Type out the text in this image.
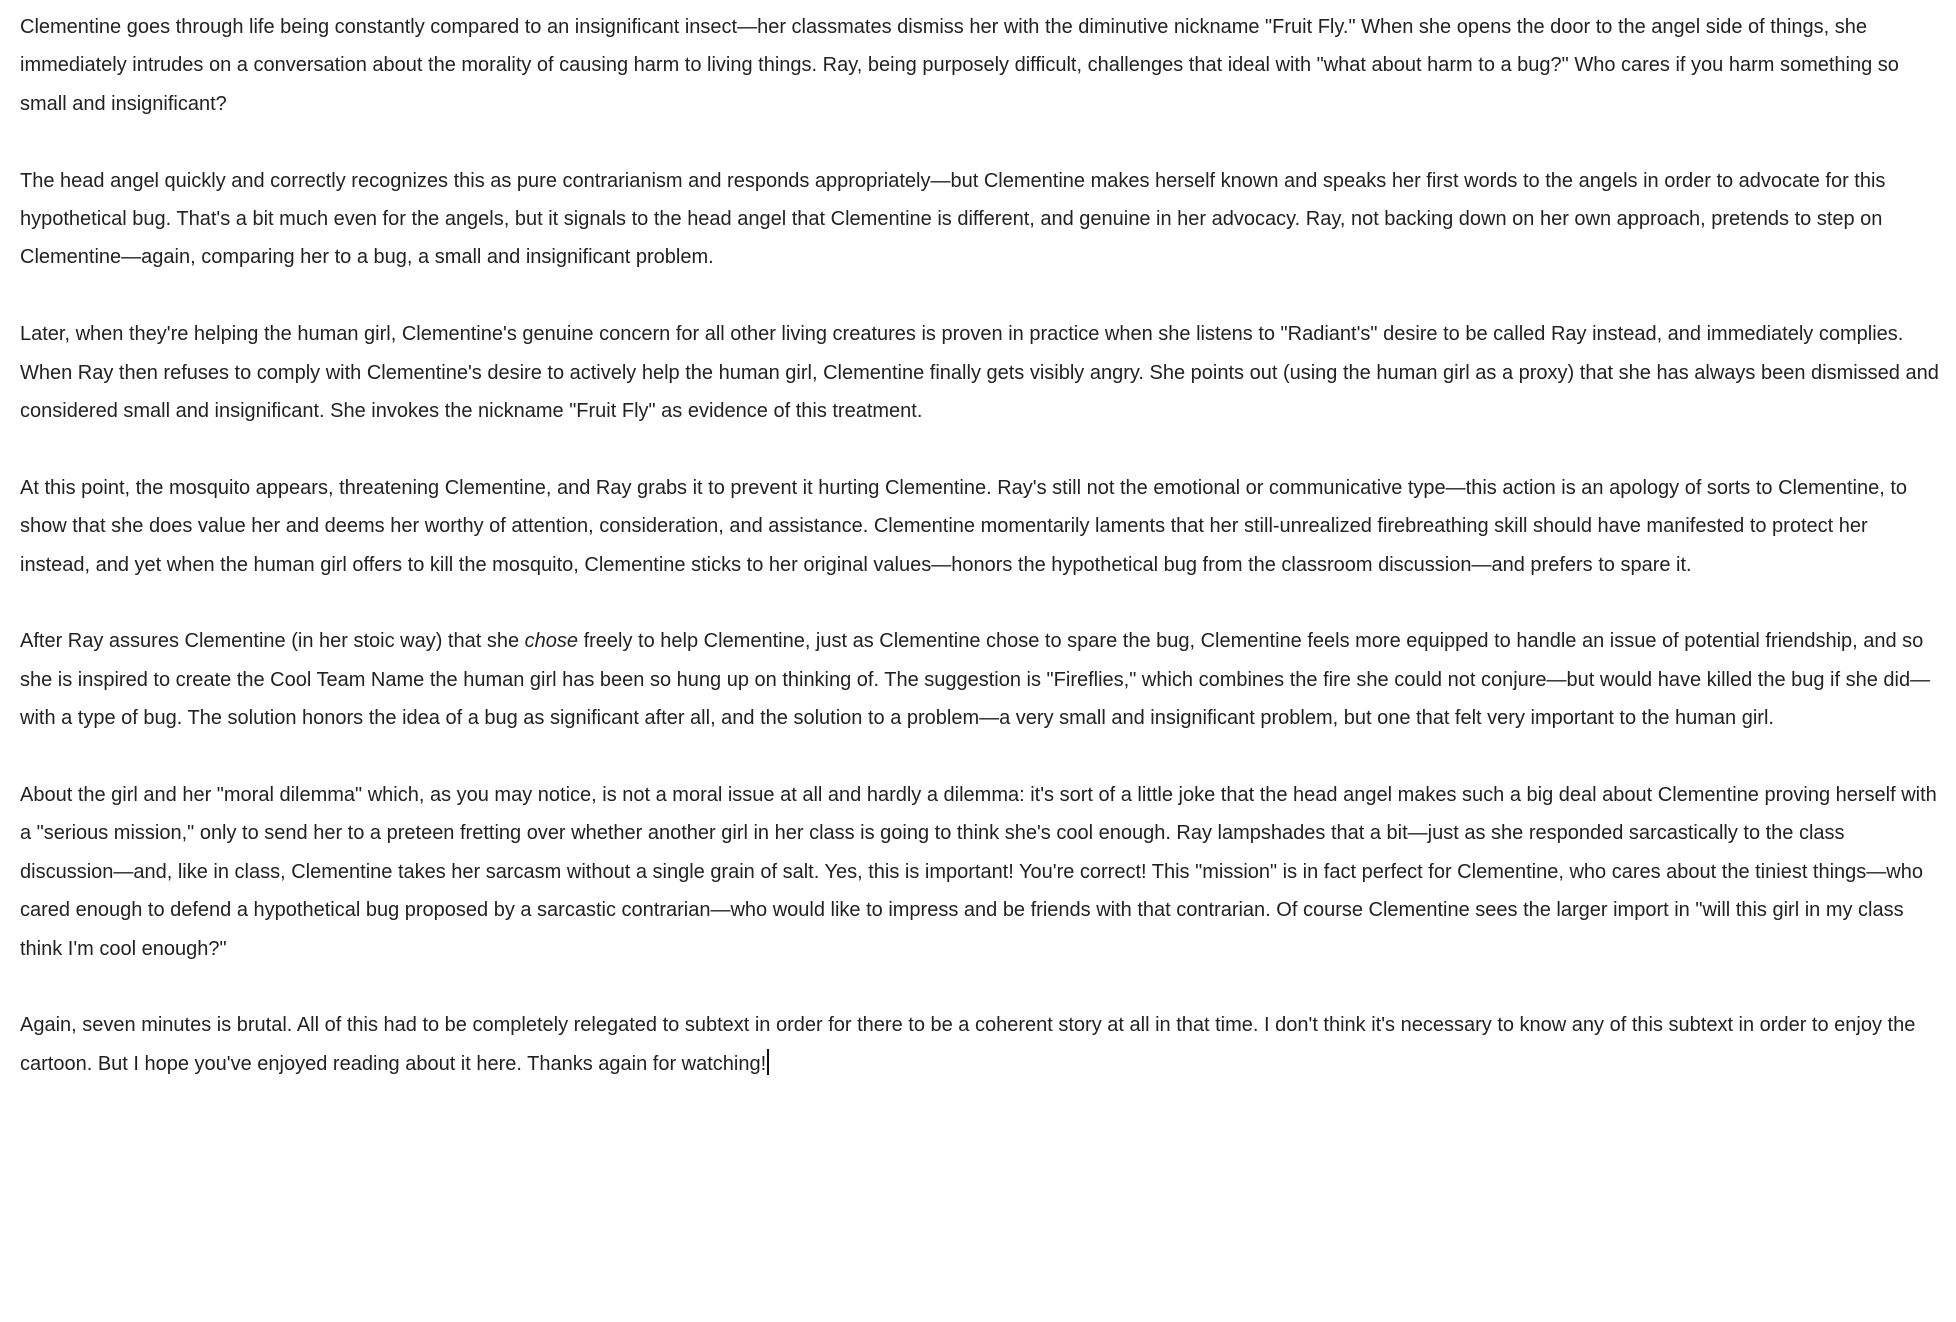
Clementine goes through life being constantly compared to an insignificant insect—her classmates dismiss her with the diminutive nickname "Fruit Fly." When she opens the door to the angel side of things, she immediately intrudes on a conversation about the morality of causing harm to living things. Ray, being purposely difficult, challenges that ideal with "what about harm to a bug?" Who cares if you harm something so small and insignificant?

The head angel quickly and correctly recognizes this as pure contrarianism and responds appropriately—but Clementine makes herself known and speaks her first words to the angels in order to advocate for this hypothetical bug. That's a bit much even for the angels, but it signals to the head angel that Clementine is different, and genuine in her advocacy. Ray, not backing down on her own approach, pretends to step on Clementine—again, comparing her to a bug, a small and insignificant problem.

Later, when they're helping the human girl, Clementine's genuine concern for all other living creatures is proven in practice when she listens to "Radiant's" desire to be called Ray instead, and immediately complies. When Ray then refuses to comply with Clementine's desire to actively help the human girl, Clementine finally gets visibly angry. She points out (using the human girl as a proxy) that she has always been dismissed and considered small and insignificant. She invokes the nickname "Fruit Fly" as evidence of this treatment.

At this point, the mosquito appears, threatening Clementine, and Ray grabs it to prevent it hurting Clementine. Ray's still not the emotional or communicative type—this action is an apology of sorts to Clementine, to show that she does value her and deems her worthy of attention, consideration, and assistance. Clementine momentarily laments that her still-unrealized firebreathing skill should have manifested to protect her instead, and yet when the human girl offers to kill the mosquito, Clementine sticks to her original values—honors the hypothetical bug from the classroom discussion—and prefers to spare it.

After Ray assures Clementine (in her stoic way) that she chose freely to help Clementine, just as Clementine chose to spare the bug, Clementine feels more equipped to handle an issue of potential friendship, and so she is inspired to create the Cool Team Name the human girl has been so hung up on thinking of. The suggestion is "Fireflies," which combines the fire she could not conjure—but would have killed the bug if she did—with a type of bug. The solution honors the idea of a bug as significant after all, and the solution to a problem—a very small and insignificant problem, but one that felt very important to the human girl.

About the girl and her "moral dilemma" which, as you may notice, is not a moral issue at all and hardly a dilemma: it's sort of a little joke that the head angel makes such a big deal about Clementine proving herself with a "serious mission," only to send her to a preteen fretting over whether another girl in her class is going to think she's cool enough. Ray lampshades that a bit—just as she responded sarcastically to the class discussion—and, like in class, Clementine takes her sarcasm without a single grain of salt. Yes, this is important! You're correct! This "mission" is in fact perfect for Clementine, who cares about the tiniest things—who cared enough to defend a hypothetical bug proposed by a sarcastic contrarian—who would like to impress and be friends with that contrarian. Of course Clementine sees the larger import in "will this girl in my class think I'm cool enough?"

Again, seven minutes is brutal. All of this had to be completely relegated to subtext in order for there to be a coherent story at all in that time. I don't think it's necessary to know any of this subtext in order to enjoy the cartoon. But I hope you've enjoyed reading about it here. Thanks again for watching!
